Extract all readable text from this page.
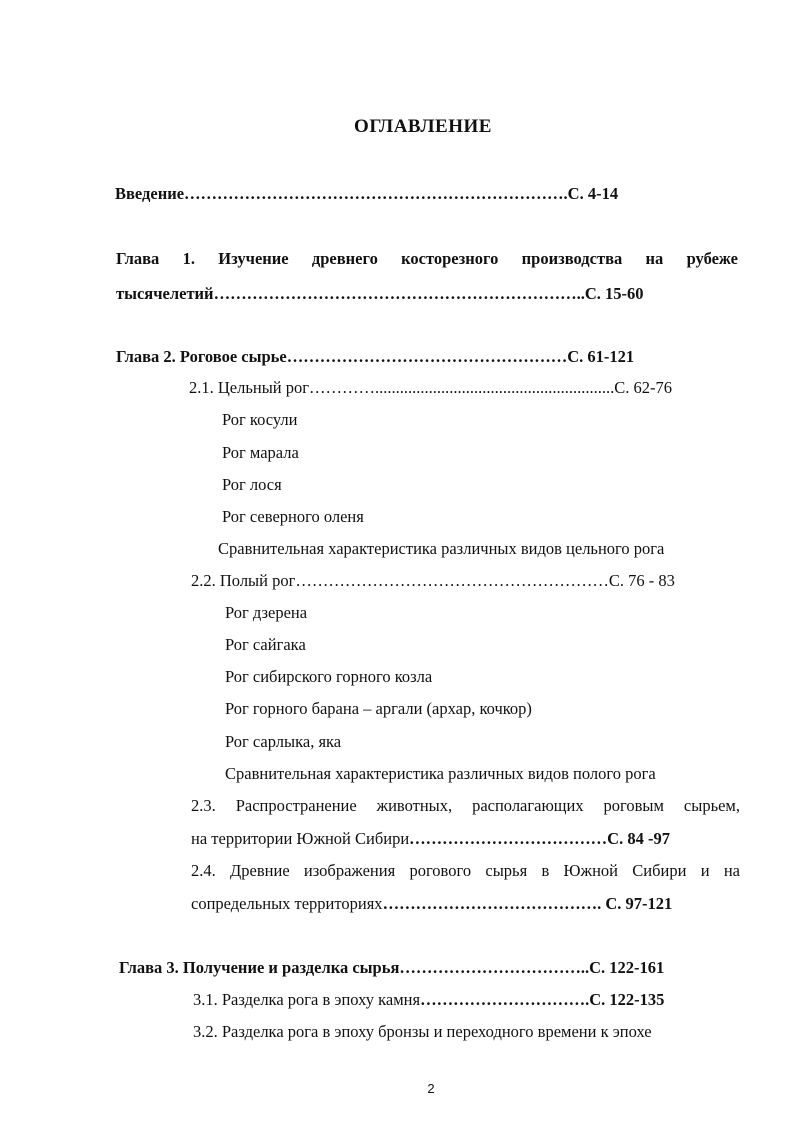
ОГЛАВЛЕНИЕ
Введение…………………………………………………………….С. 4-14
Глава 1. Изучение древнего косторезного производства на рубеже
тысячелетий…………………………………………………………..С. 15-60
Глава 2. Роговое сырье……………………………………………С. 61-121
2.1. Цельный рог…………..........................................................С. 62-76
Рог косули
Рог марала
Рог лося
Рог северного оленя
Сравнительная характеристика различных видов цельного рога
2.2. Полый рог…………………………………………………С. 76 - 83
Рог дзерена
Рог сайгака
Рог сибирского горного козла
Рог горного барана – аргали (архар, кочкор)
Рог сарлыка, яка
Сравнительная характеристика различных видов полого рога
2.3. Распространение животных, располагающих роговым сырьем,
на территории Южной Сибири………………………………С. 84 -97
2.4. Древние изображения рогового сырья в Южной Сибири и на
сопредельных территориях…………………………………. С. 97-121
Глава 3. Получение и разделка сырья……………………………..С. 122-161
3.1. Разделка рога в эпоху камня………………………….С. 122-135
3.2. Разделка рога в эпоху бронзы и переходного времени к эпохе
2
